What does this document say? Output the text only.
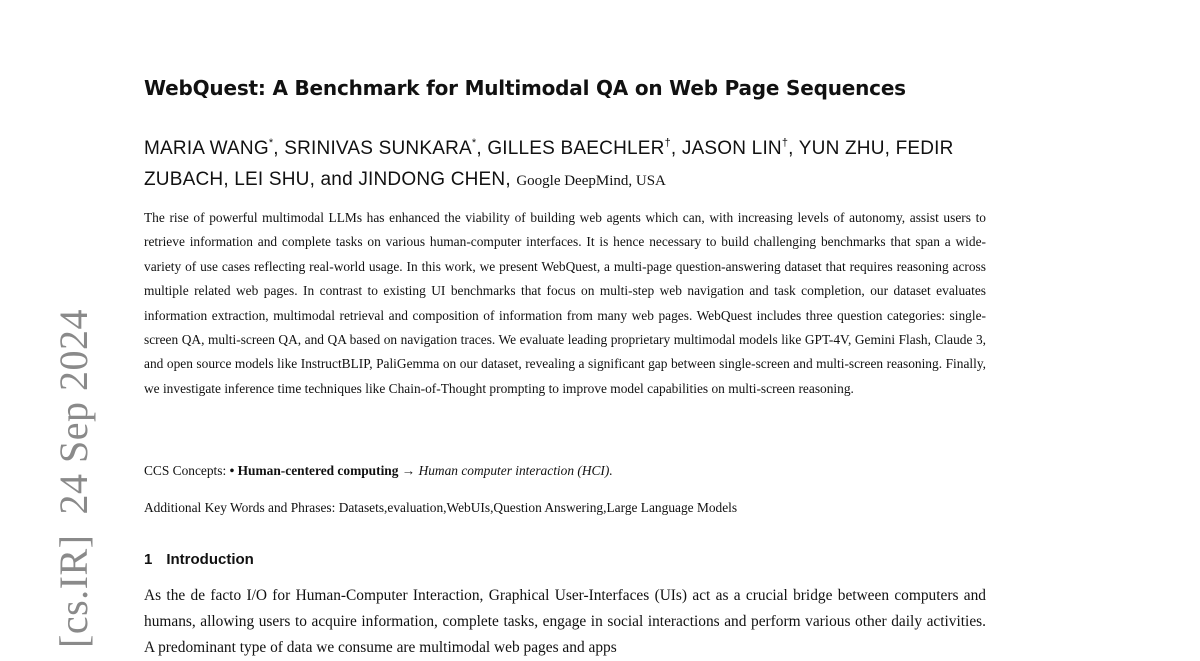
[cs.IR]24 Sep 2024
WebQuest: A Benchmark for Multimodal QA on Web Page Sequences
MARIA WANG*, SRINIVAS SUNKARA*, GILLES BAECHLER†, JASON LIN†, YUN ZHU, FEDIR ZUBACH, LEI SHU, and JINDONG CHEN, Google DeepMind, USA

The rise of powerful multimodal LLMs has enhanced the viability of building web agents which can, with increasing levels of autonomy, assist users to retrieve information and complete tasks on various human-computer interfaces. It is hence necessary to build challenging benchmarks that span a wide-variety of use cases reflecting real-world usage. In this work, we present WebQuest, a multi-page question-answering dataset that requires reasoning across multiple related web pages. In contrast to existing UI benchmarks that focus on multi-step web navigation and task completion, our dataset evaluates information extraction, multimodal retrieval and composition of information from many web pages. WebQuest includes three question categories: single-screen QA, multi-screen QA, and QA based on navigation traces. We evaluate leading proprietary multimodal models like GPT-4V, Gemini Flash, Claude 3, and open source models like InstructBLIP, PaliGemma on our dataset, revealing a significant gap between single-screen and multi-screen reasoning. Finally, we investigate inference time techniques like Chain-of-Thought prompting to improve model capabilities on multi-screen reasoning.

CCS Concepts: • Human-centered computing → Human computer interaction (HCI).
Additional Key Words and Phrases: Datasets,evaluation,WebUIs,Question Answering,Large Language Models
1 Introduction

As the de facto I/O for Human-Computer Interaction, Graphical User-Interfaces (UIs) act as a crucial bridge between computers and humans, allowing users to acquire information, complete tasks, engage in social interactions and perform various other daily activities. A predominant type of data we consume are multimodal web pages and apps
